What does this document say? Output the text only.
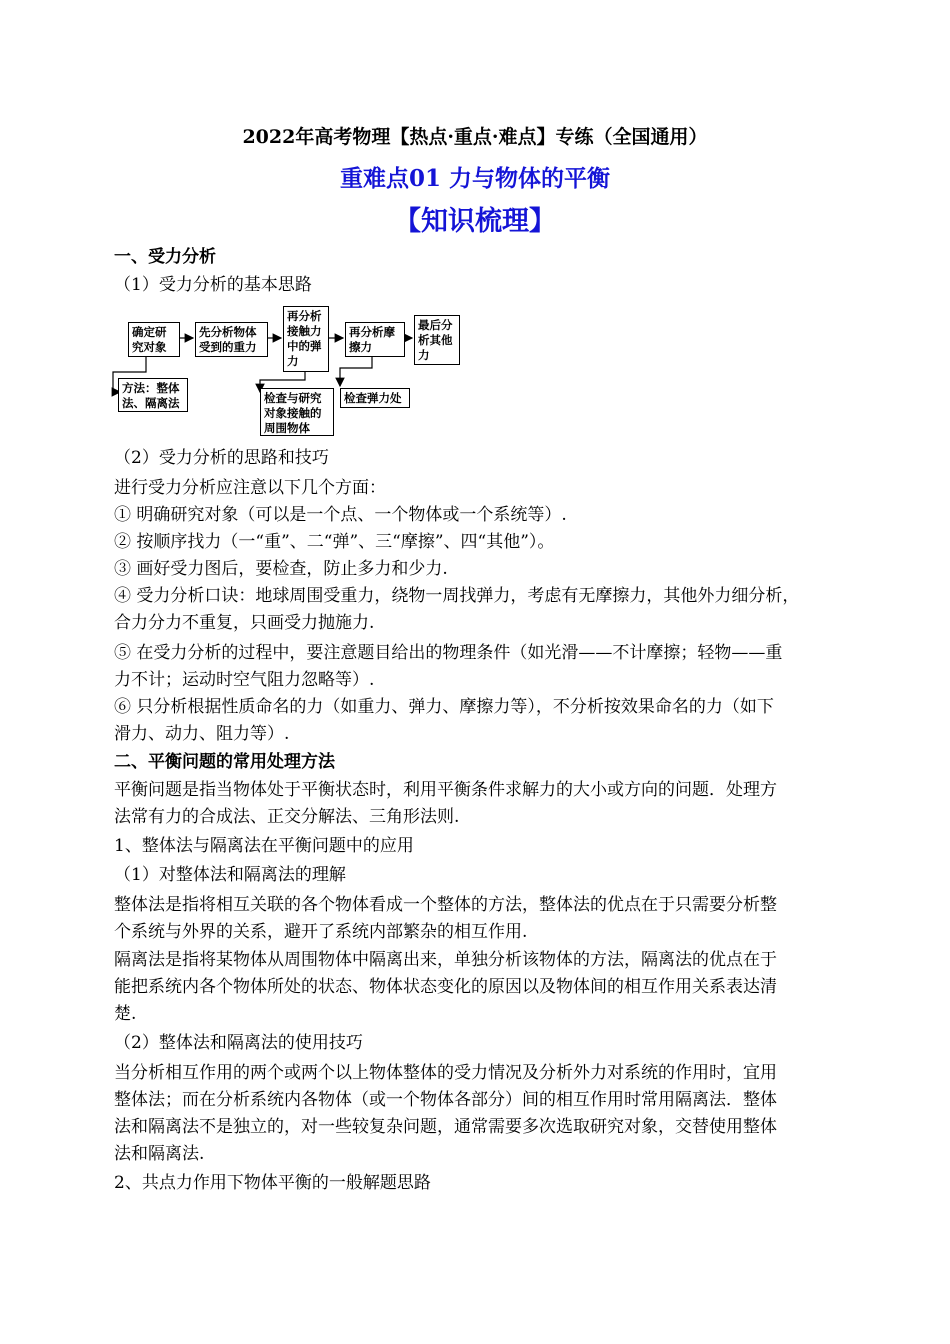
2022年高考物理【热点·重点·难点】专练（全国通用）
重难点01 力与物体的平衡
【知识梳理】
一、受力分析
（1）受力分析的基本思路
确定研究对象
先分析物体受到的重力
再分析接触力中的弹力
再分析摩擦力
最后分析其他力
方法：整体法、隔离法	检查与研究对象接触的周围物体
检查弹力处
（2）受力分析的思路和技巧
进行受力分析应注意以下几个方面：
① 明确研究对象（可以是一个点、一个物体或一个系统等）.
② 按顺序找力（一“重”、二“弹”、三“摩擦”、四“其他”）。
③ 画好受力图后，要检查，防止多力和少力.
④ 受力分析口诀：地球周围受重力，绕物一周找弹力，考虑有无摩擦力，其他外力细分析，
合力分力不重复，只画受力抛施力.
⑤ 在受力分析的过程中，要注意题目给出的物理条件（如光滑——不计摩擦；轻物——重
力不计；运动时空气阻力忽略等）.
⑥ 只分析根据性质命名的力（如重力、弹力、摩擦力等），不分析按效果命名的力（如下
滑力、动力、阻力等）.
二、平衡问题的常用处理方法
平衡问题是指当物体处于平衡状态时，利用平衡条件求解力的大小或方向的问题．处理方
法常有力的合成法、正交分解法、三角形法则.
1、整体法与隔离法在平衡问题中的应用
（1）对整体法和隔离法的理解
整体法是指将相互关联的各个物体看成一个整体的方法，整体法的优点在于只需要分析整
个系统与外界的关系，避开了系统内部繁杂的相互作用.
隔离法是指将某物体从周围物体中隔离出来，单独分析该物体的方法，隔离法的优点在于
能把系统内各个物体所处的状态、物体状态变化的原因以及物体间的相互作用关系表达清
楚.
（2）整体法和隔离法的使用技巧
当分析相互作用的两个或两个以上物体整体的受力情况及分析外力对系统的作用时，宜用
整体法；而在分析系统内各物体（或一个物体各部分）间的相互作用时常用隔离法．整体
法和隔离法不是独立的，对一些较复杂问题，通常需要多次选取研究对象，交替使用整体
法和隔离法.
2、共点力作用下物体平衡的一般解题思路
